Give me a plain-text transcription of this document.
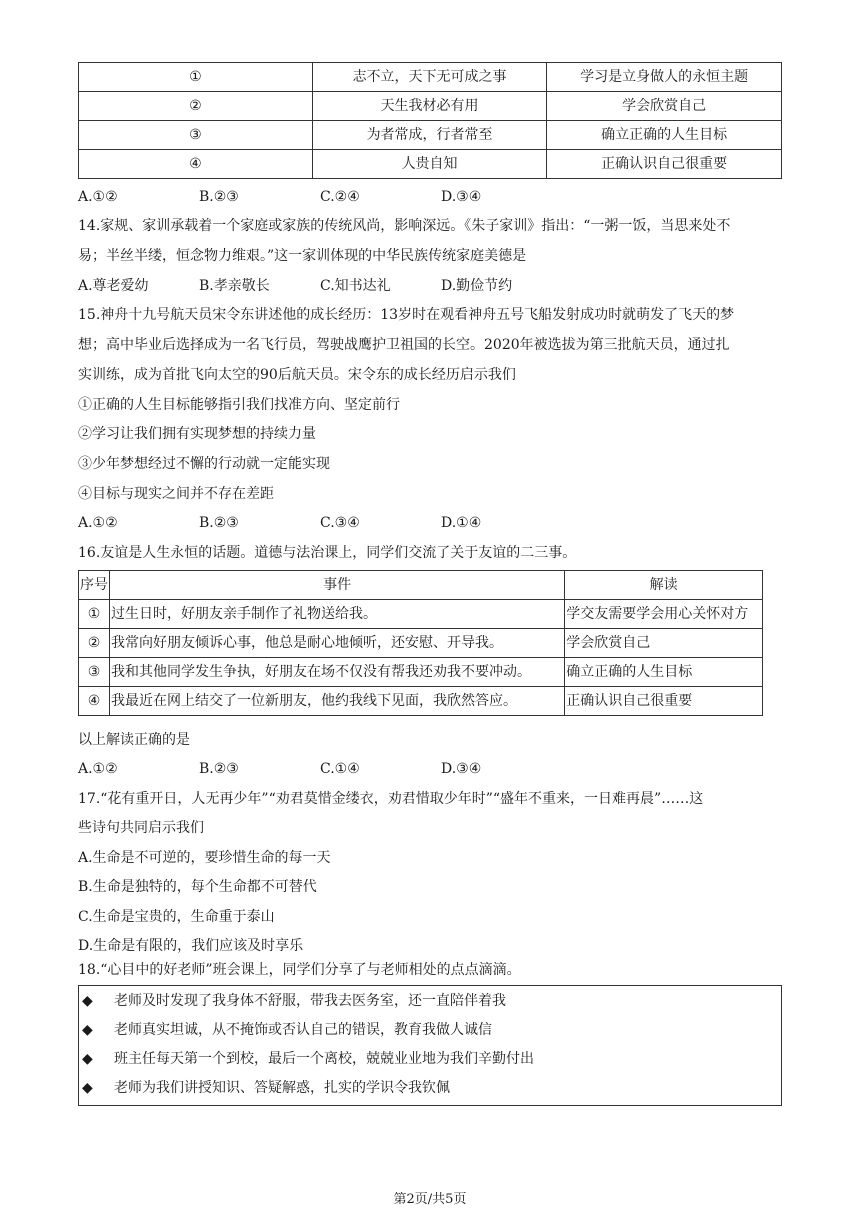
①	志不立，天下无可成之事	学习是立身做人的永恒主题
②	天生我材必有用	学会欣赏自己
③	为者常成，行者常至	确立正确的人生目标
④	人贵自知	正确认识自己很重要
A.①②	B.②③	C.②④	D.③④
14.家规、家训承载着一个家庭或家族的传统风尚，影响深远。《朱子家训》指出：“一粥一饭，当思来处不
易；半丝半缕，恒念物力维艰。”这一家训体现的中华民族传统家庭美德是
A.尊老爱幼	B.孝亲敬长	C.知书达礼	D.勤俭节约
15.神舟十九号航天员宋令东讲述他的成长经历：13岁时在观看神舟五号飞船发射成功时就萌发了飞天的梦
想；高中毕业后选择成为一名飞行员，驾驶战鹰护卫祖国的长空。2020年被选拔为第三批航天员，通过扎
实训练，成为首批飞向太空的90后航天员。宋令东的成长经历启示我们
①正确的人生目标能够指引我们找准方向、坚定前行
②学习让我们拥有实现梦想的持续力量
③少年梦想经过不懈的行动就一定能实现
④目标与现实之间并不存在差距
A.①②	B.②③	C.③④	D.①④
16.友谊是人生永恒的话题。道德与法治课上，同学们交流了关于友谊的二三事。
序号	事件	解读
①	过生日时，好朋友亲手制作了礼物送给我。	学交友需要学会用心关怀对方
②	我常向好朋友倾诉心事，他总是耐心地倾听，还安慰、开导我。	学会欣赏自己
③	我和其他同学发生争执，好朋友在场不仅没有帮我还劝我不要冲动。	确立正确的人生目标
④	我最近在网上结交了一位新朋友，他约我线下见面，我欣然答应。	正确认识自己很重要
以上解读正确的是
A.①②	B.②③	C.①④	D.③④
17.“花有重开日，人无再少年”“劝君莫惜金缕衣，劝君惜取少年时”“盛年不重来，一日难再晨”……这
些诗句共同启示我们
A.生命是不可逆的，要珍惜生命的每一天
B.生命是独特的，每个生命都不可替代
C.生命是宝贵的，生命重于泰山
D.生命是有限的，我们应该及时享乐
18.“心目中的好老师”班会课上，同学们分享了与老师相处的点点滴滴。
◆ 老师及时发现了我身体不舒服，带我去医务室，还一直陪伴着我
◆ 老师真实坦诚，从不掩饰或否认自己的错误，教育我做人诚信
◆ 班主任每天第一个到校，最后一个离校，兢兢业业地为我们辛勤付出
◆ 老师为我们讲授知识、答疑解惑，扎实的学识令我钦佩
第2页/共5页
